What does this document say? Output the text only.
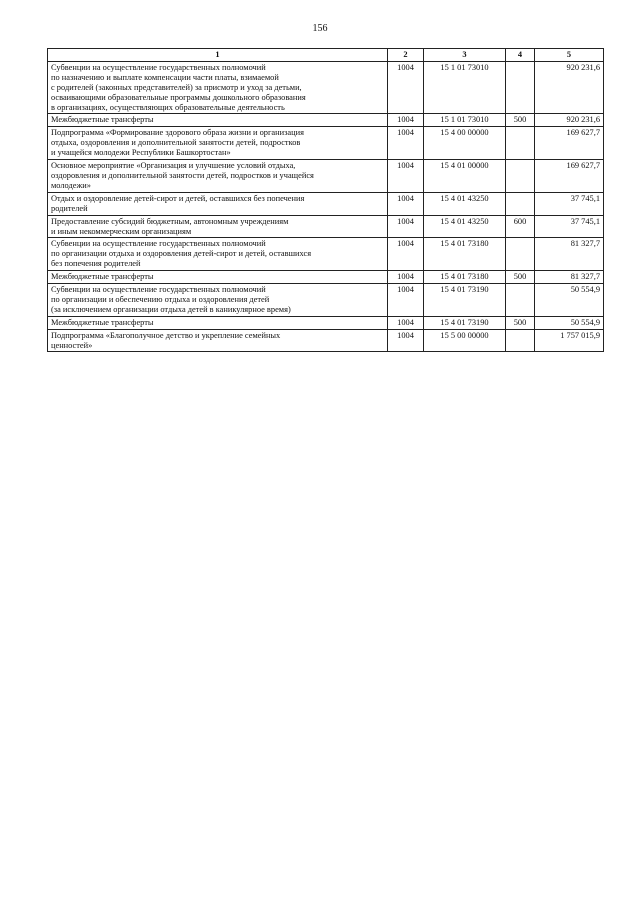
156
1	2	3	4	5
Субвенции на осуществление государственных полномочий
по назначению и выплате компенсации части платы, взимаемой
с родителей (законных представителей) за присмотр и уход за детьми,
осваивающими образовательные программы дошкольного образования
в организациях, осуществляющих образовательные деятельность	1004	15 1 01 73010		920 231,6
Межбюджетные трансферты	1004	15 1 01 73010	500	920 231,6
Подпрограмма «Формирование здорового образа жизни и организация
отдыха, оздоровления и дополнительной занятости детей, подростков
и учащейся молодежи Республики Башкортостан»	1004	15 4 00 00000		169 627,7
Основное мероприятие «Организация и улучшение условий отдыха,
оздоровления и дополнительной занятости детей, подростков и учащейся
молодежи»	1004	15 4 01 00000		169 627,7
Отдых и оздоровление детей-сирот и детей, оставшихся без попечения
родителей	1004	15 4 01 43250		37 745,1
Предоставление субсидий бюджетным, автономным учреждениям
и иным некоммерческим организациям	1004	15 4 01 43250	600	37 745,1
Субвенции на осуществление государственных полномочий
по организации отдыха и оздоровления детей-сирот и детей, оставшихся
без попечения родителей	1004	15 4 01 73180		81 327,7
Межбюджетные трансферты	1004	15 4 01 73180	500	81 327,7
Субвенции на осуществление государственных полномочий
по организации и обеспечению отдыха и оздоровления детей
(за исключением организации отдыха детей в каникулярное время)	1004	15 4 01 73190		50 554,9
Межбюджетные трансферты	1004	15 4 01 73190	500	50 554,9
Подпрограмма «Благополучное детство и укрепление семейных
ценностей»	1004	15 5 00 00000		1 757 015,9
